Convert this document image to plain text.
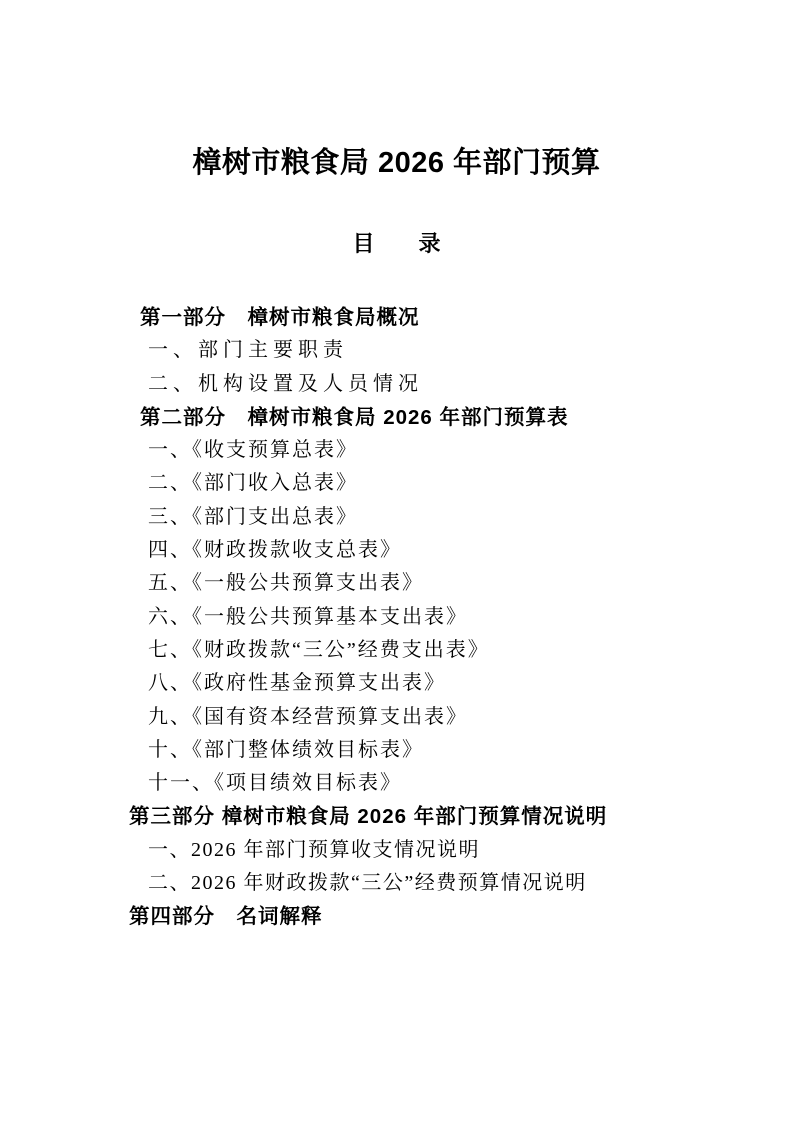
樟树市粮食局 2026 年部门预算
目　　录
第一部分　樟树市粮食局概况
一、部门主要职责
二、机构设置及人员情况
第二部分　樟树市粮食局 2026 年部门预算表
一、《收支预算总表》
二、《部门收入总表》
三、《部门支出总表》
四、《财政拨款收支总表》
五、《一般公共预算支出表》
六、《一般公共预算基本支出表》
七、《财政拨款“三公”经费支出表》
八、《政府性基金预算支出表》
九、《国有资本经营预算支出表》
十、《部门整体绩效目标表》
十一、《项目绩效目标表》
第三部分 樟树市粮食局 2026 年部门预算情况说明
一、2026 年部门预算收支情况说明
二、2026 年财政拨款“三公”经费预算情况说明
第四部分　名词解释
